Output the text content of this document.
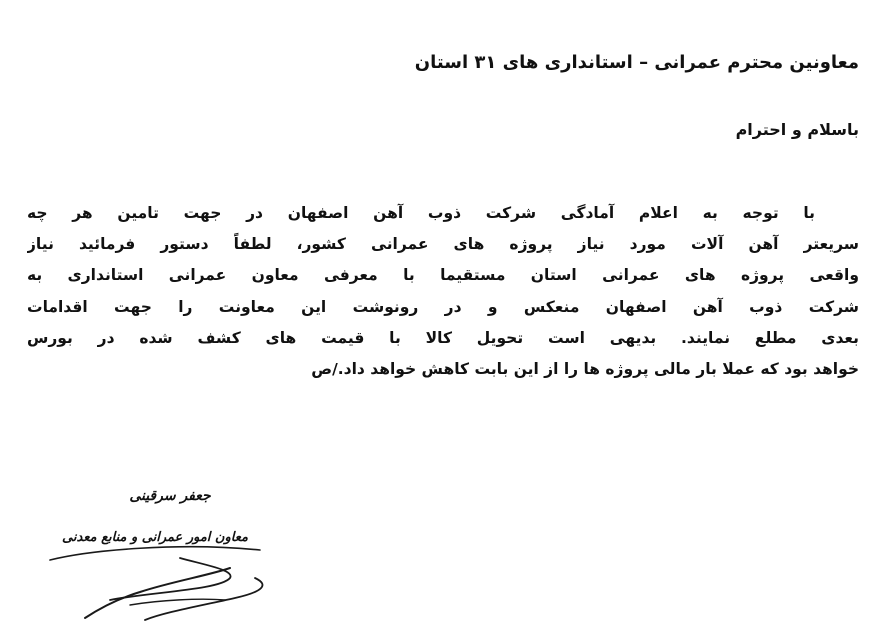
معاونین محترم عمرانی – استانداری های ۳۱ استان
باسلام و احترام
با توجه به اعلام آمادگی شرکت ذوب آهن اصفهان در جهت تامین هر چه
سریعتر آهن آلات مورد نیاز پروژه های عمرانی کشور، لطفاً دستور فرمائید نیاز
واقعی پروژه های عمرانی استان مستقیما با معرفی معاون عمرانی استانداری به
شرکت ذوب آهن اصفهان منعکس و در رونوشت این معاونت را جهت اقدامات
بعدی مطلع نمایند. بدیهی است تحویل کالا با قیمت های کشف شده در بورس
خواهد بود که عملا بار مالی پروژه ها را از این بابت کاهش خواهد داد./ص
جعفر سرقینی
معاون امور عمرانی و منابع معدنی
